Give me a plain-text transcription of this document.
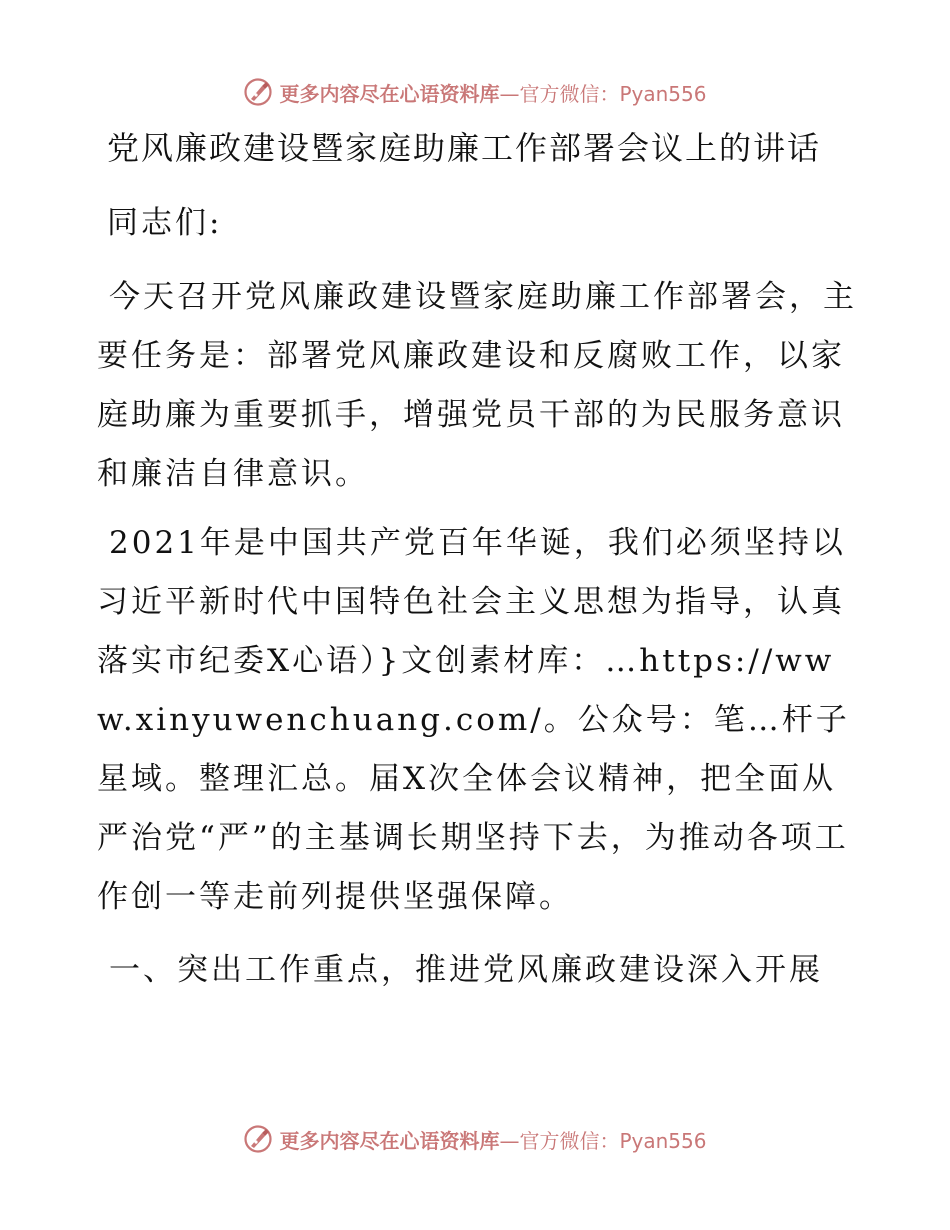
更多内容尽在心语资料库—官方微信：Pyan556
党风廉政建设暨家庭助廉工作部署会议上的讲话

同志们:

今天召开党风廉政建设暨家庭助廉工作部署会，主要任务是：部署党风廉政建设和反腐败工作，以家庭助廉为重要抓手，增强党员干部的为民服务意识和廉洁自律意识。

2021年是中国共产党百年华诞，我们必须坚持以习近平新时代中国特色社会主义思想为指导，认真落实市纪委X心语）}文创素材库：…https://www.xinyuwenchuang.com/。公众号：笔…杆子星域。整理汇总。届X次全体会议精神，把全面从严治党“严”的主基调长期坚持下去，为推动各项工作创一等走前列提供坚强保障。

一、突出工作重点，推进党风廉政建设深入开展
更多内容尽在心语资料库—官方微信：Pyan556
